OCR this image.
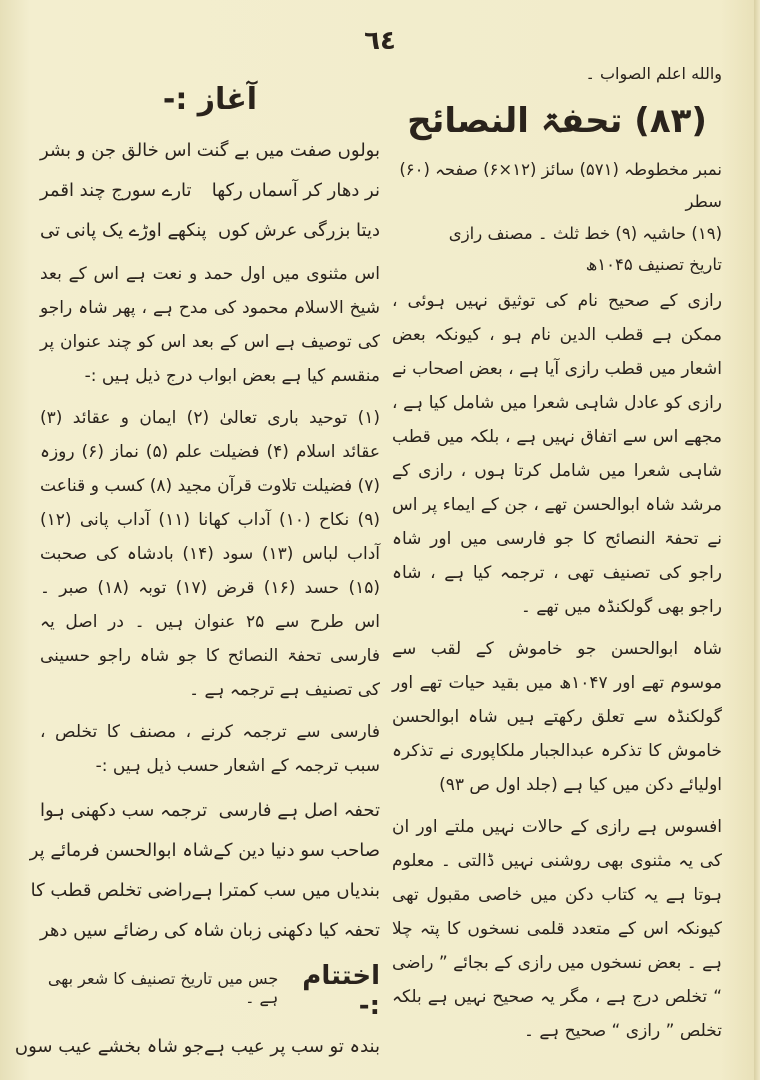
٦٤
والله اعلم الصواب ۔
(۸۳) تحفۃ النصائح
نمبر مخطوطہ (۵۷۱) سائز (۱۲×۶) صفحہ (۶۰) سطر
(۱۹) حاشیہ (۹) خط ثلث ۔ مصنف رازی
تاریخ تصنیف ۱۰۴۵ھ

رازی کے صحیح نام کی توثیق نہیں ہوئی ، ممکن ہے قطب الدین نام ہو ، کیونکہ بعض اشعار میں قطب رازی آیا ہے ، بعض اصحاب نے رازی کو عادل شاہی شعرا میں شامل کیا ہے ، مجھے اس سے اتفاق نہیں ہے ، بلکہ میں قطب شاہی شعرا میں شامل کرتا ہوں ، رازی کے مرشد شاہ ابوالحسن تھے ، جن کے ایماء پر اس نے تحفۃ النصائح کا جو فارسی میں اور شاہ راجو کی تصنیف تھی ، ترجمہ کیا ہے ، شاہ راجو بھی گولکنڈہ میں تھے ۔

شاہ ابوالحسن جو خاموش کے لقب سے موسوم تھے اور ۱۰۴۷ھ میں بقید حیات تھے اور گولکنڈہ سے تعلق رکھتے ہیں شاہ ابوالحسن خاموش کا تذکرہ عبدالجبار ملکاپوری نے تذکرہ اولیائے دکن میں کیا ہے (جلد اول ص ۹۳)

افسوس ہے رازی کے حالات نہیں ملتے اور ان کی یہ مثنوی بھی روشنی نہیں ڈالتی ۔ معلوم ہوتا ہے یہ کتاب دکن میں خاصی مقبول تھی کیونکہ اس کے متعدد قلمی نسخوں کا پتہ چلا ہے ۔ بعض نسخوں میں رازی کے بجائے ” راضی “ تخلص درج ہے ، مگر یہ صحیح نہیں ہے بلکہ تخلص ” رازی “ صحیح ہے ۔

آغاز :-
بولوں صفت میں بے گنت
اس خالق جن و بشر
نر دھار کر آسماں رکھا
تارے سورج چند اقمر
دیتا بزرگی عرش کوں
پنکھے اوڑے یک پانی تی

اس مثنوی میں اول حمد و نعت ہے اس کے بعد شیخ الاسلام محمود کی مدح ہے ، پھر شاہ راجو کی توصیف ہے اس کے بعد اس کو چند عنوان پر منقسم کیا ہے بعض ابواب درج ذیل ہیں :-

(۱) توحید باری تعالیٰ (۲) ایمان و عقائد (۳) عقائد اسلام (۴) فضیلت علم (۵) نماز (۶) روزہ (۷) فضیلت تلاوت قرآن مجید (۸) کسب و قناعت (۹) نکاح (۱۰) آداب کھانا (۱۱) آداب پانی (۱۲) آداب لباس (۱۳) سود (۱۴) بادشاہ کی صحبت (۱۵) حسد (۱۶) قرض (۱۷) توبہ (۱۸) صبر ۔ اس طرح سے ۲۵ عنوان ہیں ۔ در اصل یہ فارسی تحفۃ النصائح کا جو شاہ راجو حسینی کی تصنیف ہے ترجمہ ہے ۔

فارسی سے ترجمہ کرنے ، مصنف کا تخلص ، سبب ترجمہ کے اشعار حسب ذیل ہیں :-

تحفہ اصل ہے فارسی
ترجمہ سب دکھنی ہوا
صاحب سو دنیا دین کے
شاہ ابوالحسن فرمائے پر
بندیاں میں سب کمترا ہے
راضی تخلص قطب کا
تحفہ کیا دکھنی زبان
شاہ کی رضائے سیں دھر
اختتام :-
جس میں تاریخ تصنیف کا شعر بھی ہے ۔
بندہ تو سب پر عیب ہے
جو شاہ بخشے عیب سوں
